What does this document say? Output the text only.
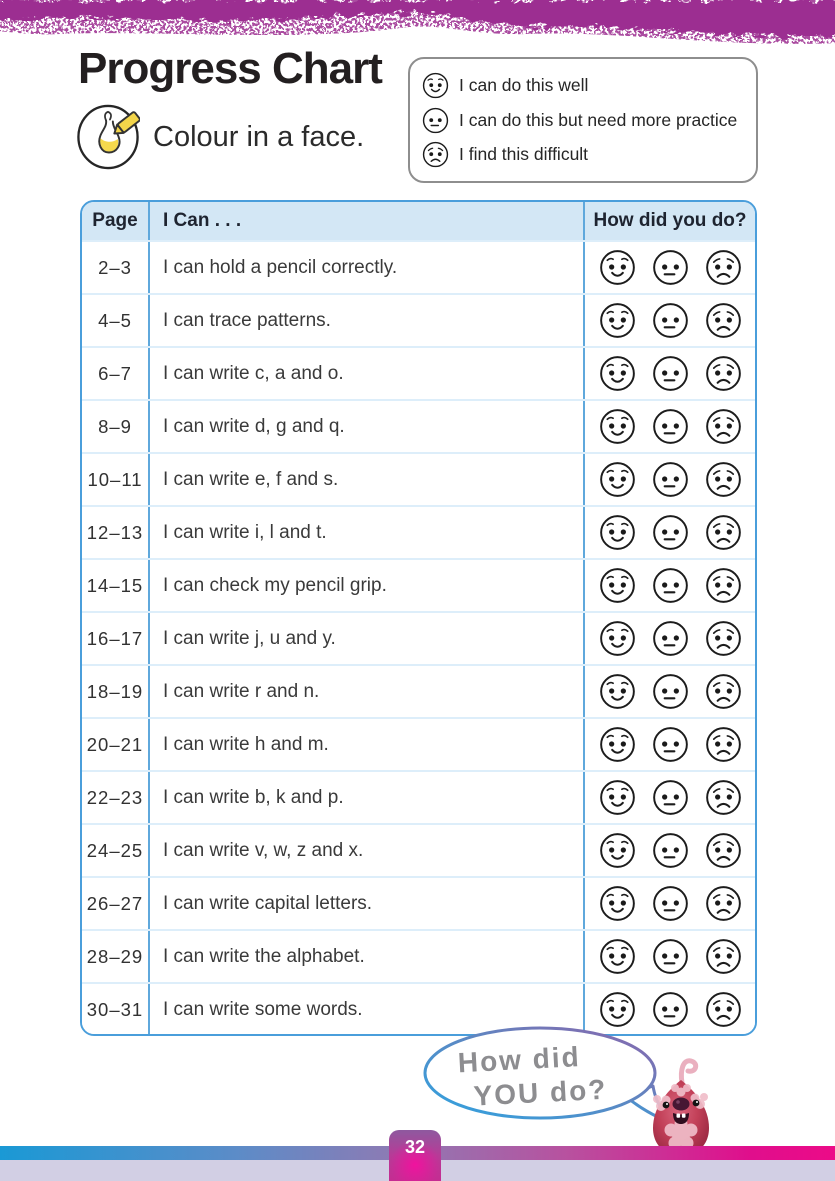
Progress Chart
Colour in a face.
I can do this well
I can do this but need more practice
I find this difficult
Page	I Can . . .	How did you do?
2–3	I can hold a pencil correctly.
4–5	I can trace patterns.
6–7	I can write c, a and o.
8–9	I can write d, g and q.
10–11	I can write e, f and s.
12–13	I can write i, l and t.
14–15	I can check my pencil grip.
16–17	I can write j, u and y.
18–19	I can write r and n.
20–21	I can write h and m.
22–23	I can write b, k and p.
24–25	I can write v, w, z and x.
26–27	I can write capital letters.
28–29	I can write the alphabet.
30–31	I can write some words.
How did
YOU do?
32
